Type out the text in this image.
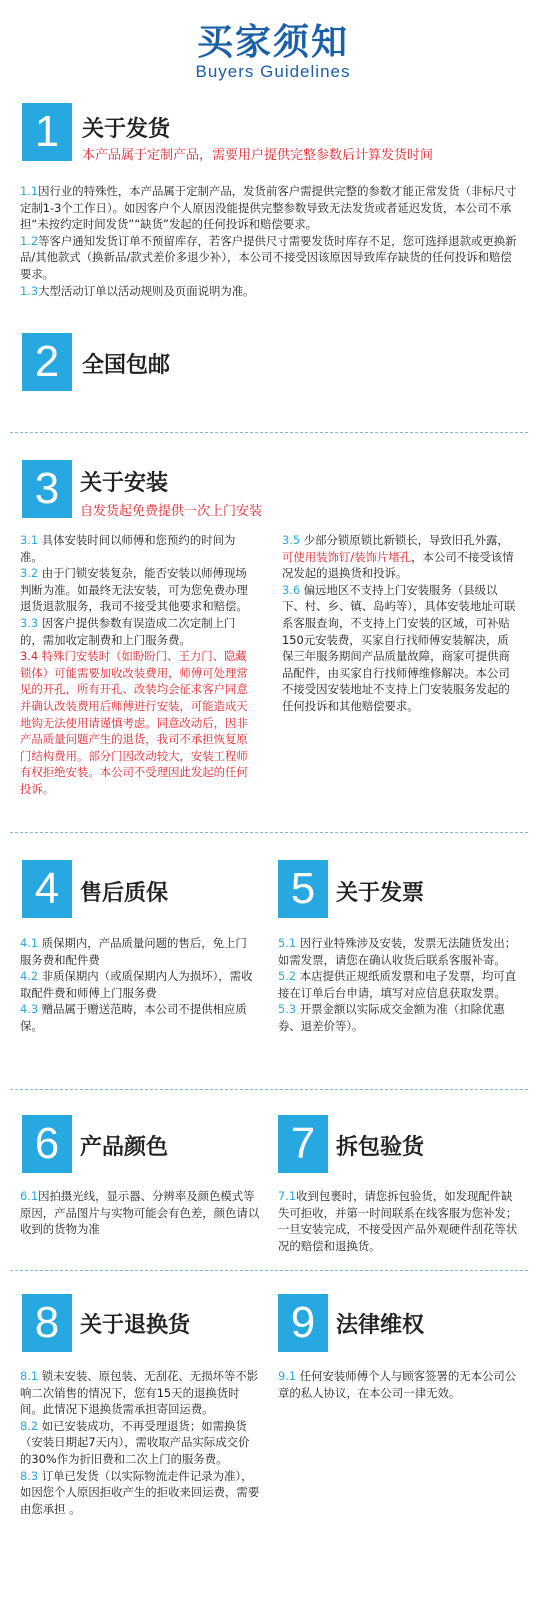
买家须知
Buyers Guidelines
1	关于发货
本产品属于定制产品，需要用户提供完整参数后计算发货时间

1.1因行业的特殊性，本产品属于定制产品，发货前客户需提供完整的参数才能正常发货（非标尺寸定制1-3个工作日）。如因客户个人原因没能提供完整参数导致无法发货或者延迟发货，本公司不承担“未按约定时间发货”“缺货”发起的任何投诉和赔偿要求。

1.2等客户通知发货订单不预留库存，若客户提供尺寸需要发货时库存不足，您可选择退款或更换新品/其他款式（换新品/款式差价多退少补），本公司不接受因该原因导致库存缺货的任何投诉和赔偿要求。

1.3大型活动订单以活动规则及页面说明为准。

2	全国包邮
3 关于安装
自发货起免费提供一次上门安装

3.1 具体安装时间以师傅和您预约的时间为准。

3.2 由于门锁安装复杂，能否安装以师傅现场判断为准。如最终无法安装，可为您免费办理退货退款服务，我司不接受其他要求和赔偿。

3.3 因客户提供参数有误造成二次定制上门的，需加收定制费和上门服务费。

3.4 特殊门安装时（如盼盼门、王力门、隐藏锁体）可能需要加收改装费用，师傅可处理常见的开孔，所有开孔、改装均会征求客户同意并确认改装费用后师傅进行安装，可能造成天地钩无法使用请谨慎考虑。同意改动后，因非产品质量问题产生的退货，我司不承担恢复原门结构费用。部分门因改动较大，安装工程师有权拒绝安装。本公司不受理因此发起的任何投诉。

3.5 少部分锁原锁比新锁长，导致旧孔外露，可使用装饰钉/装饰片堵孔，本公司不接受该情况发起的退换货和投诉。

3.6 偏远地区不支持上门安装服务（县级以下、村、乡、镇、岛屿等），具体安装地址可联系客服查询，不支持上门安装的区域，可补贴150元安装费，买家自行找师傅安装解决，质保三年服务期间产品质量故障，商家可提供商品配件，由买家自行找师傅维修解决。本公司不接受因安装地址不支持上门安装服务发起的任何投诉和其他赔偿要求。

4 售后质保

4.1 质保期内，产品质量问题的售后，免上门服务费和配件费

4.2 非质保期内（或质保期内人为损坏），需收取配件费和师傅上门服务费

4.3 赠品属于赠送范畴，本公司不提供相应质保。

5 关于发票

5.1 因行业特殊涉及安装，发票无法随货发出；如需发票，请您在确认收货后联系客服补寄。

5.2 本店提供正规纸质发票和电子发票，均可直接在订单后台申请，填写对应信息获取发票。

5.3 开票金额以实际成交金额为准（扣除优惠券、退差价等）。

6 产品颜色

6.1因拍摄光线，显示器、分辨率及颜色模式等原因，产品图片与实物可能会有色差，颜色请以收到的货物为准

7 拆包验货

7.1收到包裹时，请您拆包验货，如发现配件缺失可拒收，并第一时间联系在线客服为您补发；一旦安装完成，不接受因产品外观硬件刮花等状况的赔偿和退换货。

8 关于退换货

8.1 锁未安装、原包装、无刮花、无损坏等不影响二次销售的情况下，您有15天的退换货时间。此情况下退换货需承担寄回运费。

8.2 如已安装成功，不再受理退货；如需换货（安装日期起7天内），需收取产品实际成交价的30%作为折旧费和二次上门的服务费。

8.3 订单已发货（以实际物流走件记录为准），如因您个人原因拒收产生的拒收来回运费，需要由您承担 。

9 法律维权

9.1 任何安装师傅个人与顾客签署的无本公司公章的私人协议，在本公司一律无效。
